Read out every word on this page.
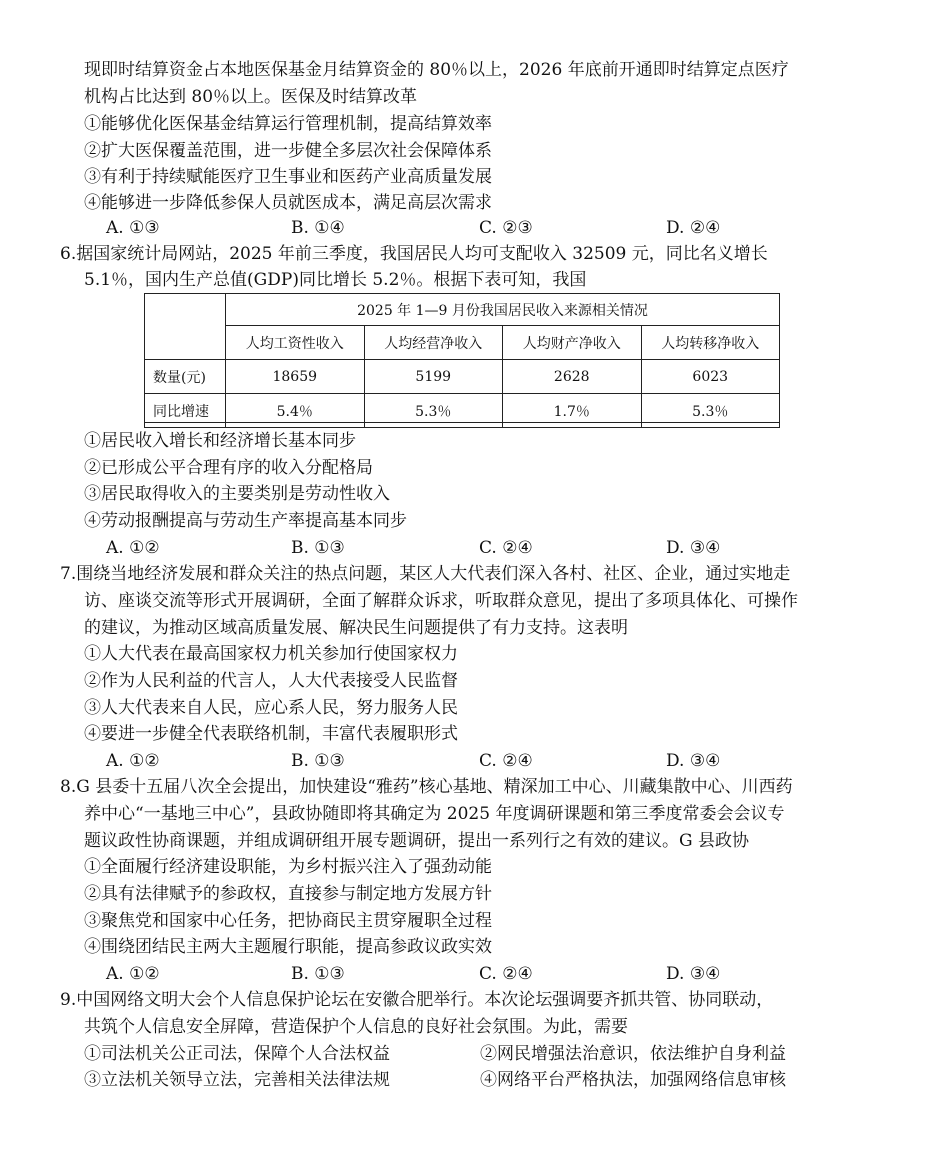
现即时结算资金占本地医保基金月结算资金的 80％以上，2026 年底前开通即时结算定点医疗
机构占比达到 80％以上。医保及时结算改革
①能够优化医保基金结算运行管理机制，提高结算效率
②扩大医保覆盖范围，进一步健全多层次社会保障体系
③有利于持续赋能医疗卫生事业和医药产业高质量发展
④能够进一步降低参保人员就医成本，满足高层次需求
A. ①③	B. ①④	C. ②③	D. ②④
6.据国家统计局网站，2025 年前三季度，我国居民人均可支配收入 32509 元，同比名义增长
5.1％，国内生产总值(GDP)同比增长 5.2％。根据下表可知，我国
	2025 年 1—9 月份我国居民收入来源相关情况			
	人均工资性收入	人均经营净收入	人均财产净收入	人均转移净收入
数量(元)	18659	5199	2628	6023
同比增速	5.4％	5.3％	1.7％	5.3％
①居民收入增长和经济增长基本同步
②已形成公平合理有序的收入分配格局
③居民取得收入的主要类别是劳动性收入
④劳动报酬提高与劳动生产率提高基本同步
A. ①②	B. ①③	C. ②④	D. ③④
7.围绕当地经济发展和群众关注的热点问题，某区人大代表们深入各村、社区、企业，通过实地走
访、座谈交流等形式开展调研，全面了解群众诉求，听取群众意见，提出了多项具体化、可操作
的建议，为推动区域高质量发展、解决民生问题提供了有力支持。这表明
①人大代表在最高国家权力机关参加行使国家权力
②作为人民利益的代言人，人大代表接受人民监督
③人大代表来自人民，应心系人民，努力服务人民
④要进一步健全代表联络机制，丰富代表履职形式
A. ①②	B. ①③	C. ②④	D. ③④
8.G 县委十五届八次全会提出，加快建设“雅药”核心基地、精深加工中心、川藏集散中心、川西药
养中心“一基地三中心”，县政协随即将其确定为 2025 年度调研课题和第三季度常委会会议专
题议政性协商课题，并组成调研组开展专题调研，提出一系列行之有效的建议。G 县政协
①全面履行经济建设职能，为乡村振兴注入了强劲动能
②具有法律赋予的参政权，直接参与制定地方发展方针
③聚焦党和国家中心任务，把协商民主贯穿履职全过程
④围绕团结民主两大主题履行职能，提高参政议政实效
A. ①②	B. ①③	C. ②④	D. ③④
9.中国网络文明大会个人信息保护论坛在安徽合肥举行。本次论坛强调要齐抓共管、协同联动，
共筑个人信息安全屏障，营造保护个人信息的良好社会氛围。为此，需要
①司法机关公正司法，保障个人合法权益	②网民增强法治意识，依法维护自身利益
③立法机关领导立法，完善相关法律法规	④网络平台严格执法，加强网络信息审核
